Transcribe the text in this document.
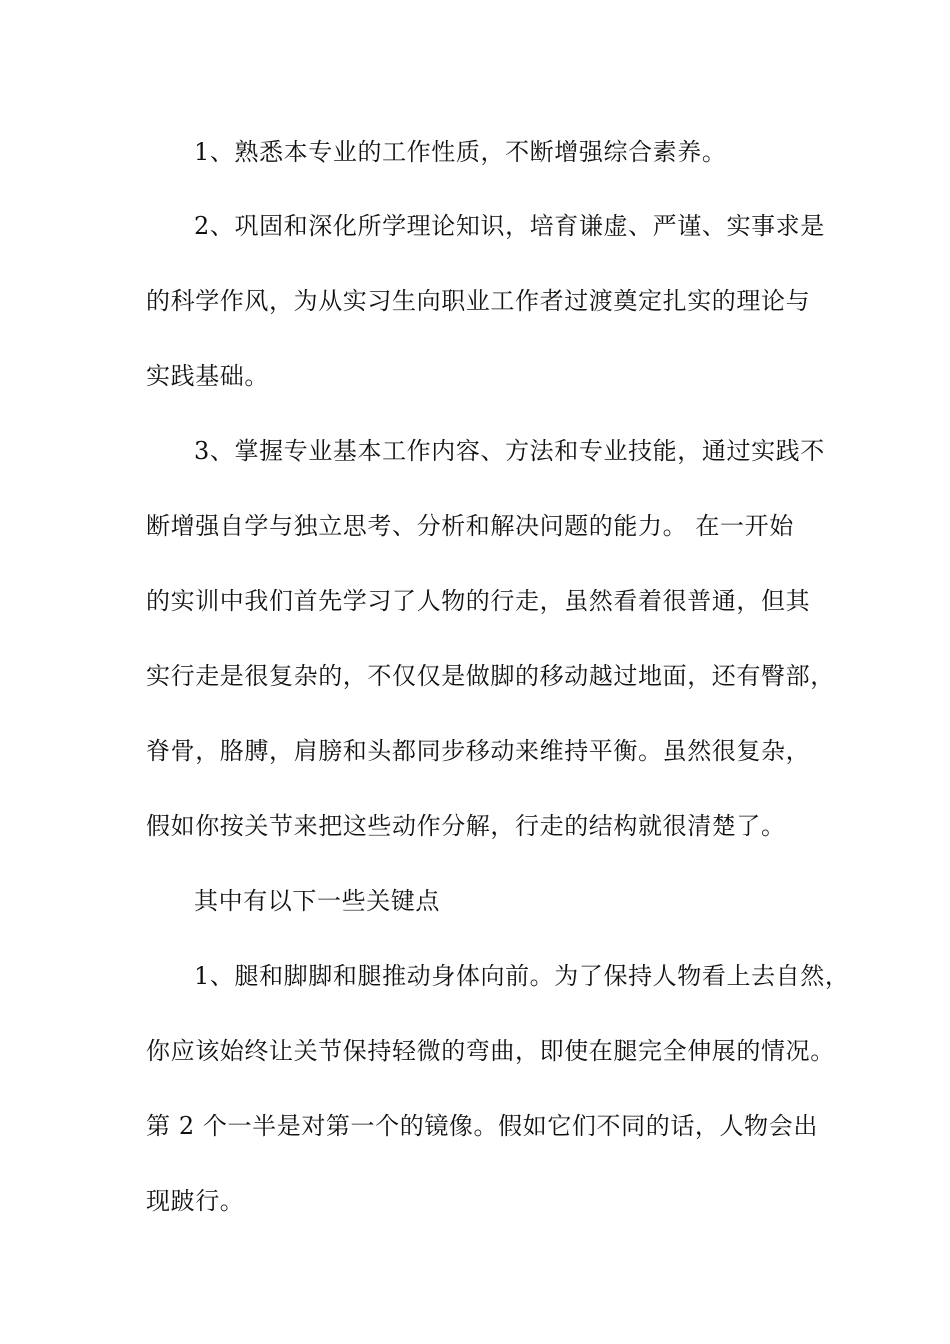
1、熟悉本专业的工作性质，不断增强综合素养。
2、巩固和深化所学理论知识，培育谦虚、严谨、实事求是
的科学作风，为从实习生向职业工作者过渡奠定扎实的理论与
实践基础。
3、掌握专业基本工作内容、方法和专业技能，通过实践不
断增强自学与独立思考、分析和解决问题的能力。 在一开始
的实训中我们首先学习了人物的行走，虽然看着很普通，但其
实行走是很复杂的，不仅仅是做脚的移动越过地面，还有臀部，
脊骨，胳膊，肩膀和头都同步移动来维持平衡。虽然很复杂，
假如你按关节来把这些动作分解，行走的结构就很清楚了。
其中有以下一些关键点
1、腿和脚脚和腿推动身体向前。为了保持人物看上去自然，
你应该始终让关节保持轻微的弯曲，即使在腿完全伸展的情况。
第 2 个一半是对第一个的镜像。假如它们不同的话，人物会出
现跛行。
